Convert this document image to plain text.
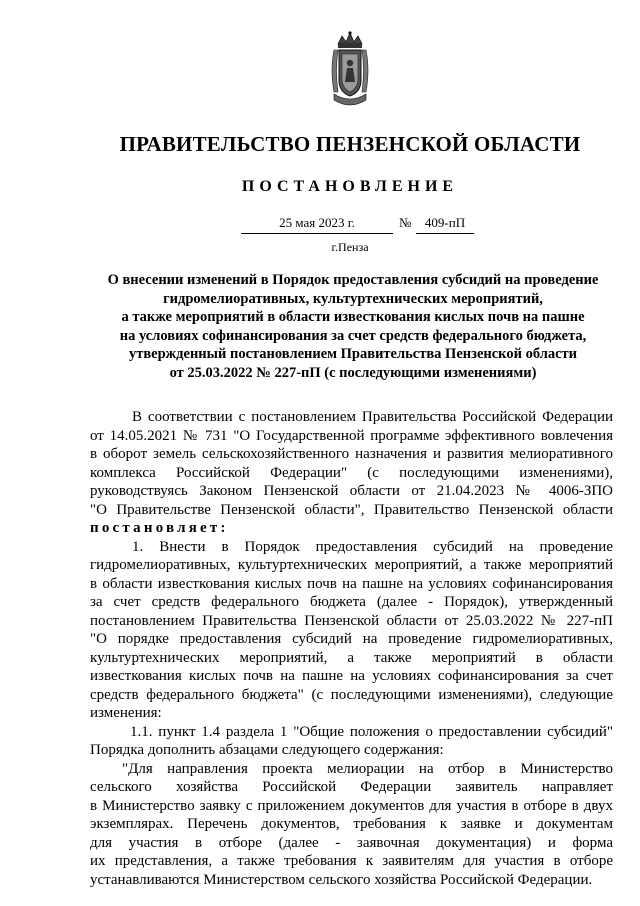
ПРАВИТЕЛЬСТВО ПЕНЗЕНСКОЙ ОБЛАСТИ
ПОСТАНОВЛЕНИЕ
25 мая 2023 г.	№	409-пП
г.Пенза
О внесении изменений в Порядок предоставления субсидий на проведение
гидромелиоративных, культуртехнических мероприятий,
а также мероприятий в области известкования кислых почв на пашне
на условиях софинансирования за счет средств федерального бюджета,
утвержденный постановлением Правительства Пензенской области
от 25.03.2022 № 227-пП (с последующими изменениями)
В соответствии с постановлением Правительства Российской Федерации
от 14.05.2021 № 731 "О Государственной программе эффективного вовлечения
в оборот земель сельскохозяйственного назначения и развития мелиоративного
комплекса Российской Федерации" (с последующими изменениями),
руководствуясь Законом Пензенской области от 21.04.2023 № 4006-ЗПО
"О Правительстве Пензенской области", Правительство Пензенской области
постановляет:
1. Внести в Порядок предоставления субсидий на проведение
гидромелиоративных, культуртехнических мероприятий, а также мероприятий
в области известкования кислых почв на пашне на условиях софинансирования
за счет средств федерального бюджета (далее - Порядок), утвержденный
постановлением Правительства Пензенской области от 25.03.2022 № 227-пП
"О порядке предоставления субсидий на проведение гидромелиоративных,
культуртехнических мероприятий, а также мероприятий в области
известкования кислых почв на пашне на условиях софинансирования за счет
средств федерального бюджета" (с последующими изменениями), следующие
изменения:
1.1. пункт 1.4 раздела 1 "Общие положения о предоставлении субсидий"
Порядка дополнить абзацами следующего содержания:
"Для направления проекта мелиорации на отбор в Министерство
сельского хозяйства Российской Федерации заявитель направляет
в Министерство заявку с приложением документов для участия в отборе в двух
экземплярах. Перечень документов, требования к заявке и документам
для участия в отборе (далее - заявочная документация) и форма
их представления, а также требования к заявителям для участия в отборе
устанавливаются Министерством сельского хозяйства Российской Федерации.
